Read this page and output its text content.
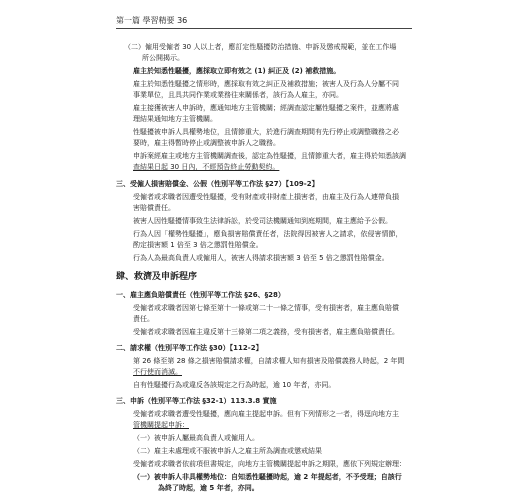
第一篇 學習精要 36
（二）僱用受僱者 30 人以上者，應訂定性騷擾防治措施、申訴及懲戒規範，並在工作場
所公開揭示。
雇主於知悉性騷擾，應採取立即有效之 (1) 糾正及 (2) 補救措施。
雇主於知悉性騷擾之情形時，應採取有效之糾正及補救措施；被害人及行為人分屬不同
事業單位，且具共同作業或業務往來關係者，該行為人雇主，亦同。
雇主接獲被害人申訴時，應通知地方主管機關；經調查認定屬性騷擾之案件，並應將處
理結果通知地方主管機關。
性騷擾被申訴人具權勢地位，且情節重大，於進行調查期間有先行停止或調整職務之必
要時，雇主得暫時停止或調整被申訴人之職務。
申訴案經雇主或地方主管機關調查後，認定為性騷擾，且情節重大者，雇主得於知悉該調
查結果日起 30 日內，不經預告終止勞動契約。
三、受僱人損害賠償金、公假（性別平等工作法 §27）【109-2】
受僱者或求職者因遭受性騷擾，受有財產或非財產上損害者，由雇主及行為人連帶負損
害賠償責任。
被害人因性騷擾情事致生法律訴訟，於受司法機關通知到庭期間，雇主應給予公假。
行為人因「權勢性騷擾」，應負損害賠償責任者，法院得因被害人之請求，依侵害情節，
酌定損害額 1 倍至 3 倍之懲罰性賠償金。
行為人為最高負責人或僱用人，被害人得請求損害額 3 倍至 5 倍之懲罰性賠償金。
肆、救濟及申訴程序
一、雇主應負賠償責任（性別平等工作法 §26、§28）
受僱者或求職者因第七條至第十一條或第二十一條之情事，受有損害者，雇主應負賠償
責任。
受僱者或求職者因雇主違反第十三條第二項之義務，受有損害者，雇主應負賠償責任。
二、請求權（性別平等工作法 §30）【112-2】
第 26 條至第 28 條之損害賠償請求權，自請求權人知有損害及賠償義務人時起，2 年間
不行使而消滅。
自有性騷擾行為或違反各該規定之行為時起，逾 10 年者，亦同。
三、申訴（性別平等工作法 §32-1）113.3.8 實施
受僱者或求職者遭受性騷擾，應向雇主提起申訴。但有下列情形之一者，得逕向地方主
管機關提起申訴：
（一）被申訴人屬最高負責人或僱用人。
（二）雇主未處理或不服被申訴人之雇主所為調查或懲戒結果
受僱者或求職者依前項但書規定，向地方主管機關提起申訴之期限，應依下列規定辦理：
（一）被申訴人非具權勢地位：自知悉性騷擾時起，逾 2 年提起者，不予受理；自該行
為終了時起，逾 5 年者，亦同。
